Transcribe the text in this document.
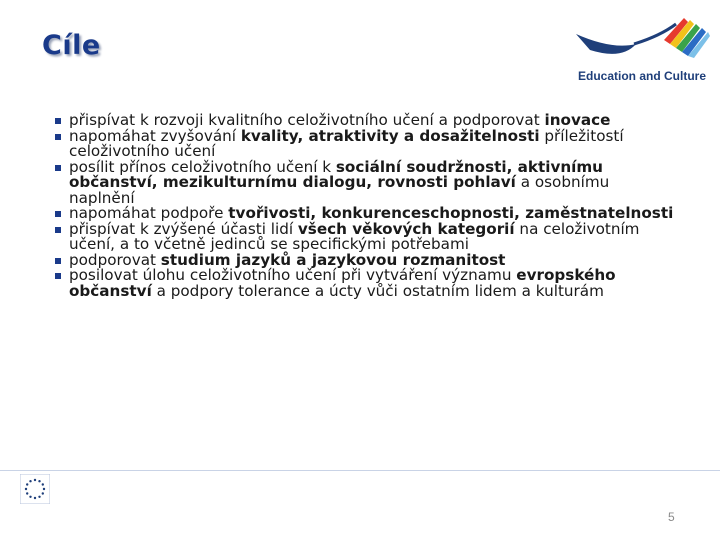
Cíle
Education and Culture
přispívat k rozvoji kvalitního celoživotního učení a podporovat inovace
napomáhat zvyšování kvality, atraktivity a dosažitelnosti příležitostí celoživotního učení
posílit přínos celoživotního učení k sociální soudržnosti, aktivnímu občanství, mezikulturnímu dialogu, rovnosti pohlaví a osobnímu naplnění
napomáhat podpoře tvořivosti, konkurenceschopnosti, zaměstnatelnosti
přispívat k zvýšené účasti lidí všech věkových kategorií na celoživotním učení, a to včetně jedinců se specifickými potřebami
podporovat studium jazyků a jazykovou rozmanitost
posilovat úlohu celoživotního učení při vytváření významu evropského občanství a podpory tolerance a úcty vůči ostatním lidem a kulturám
5
